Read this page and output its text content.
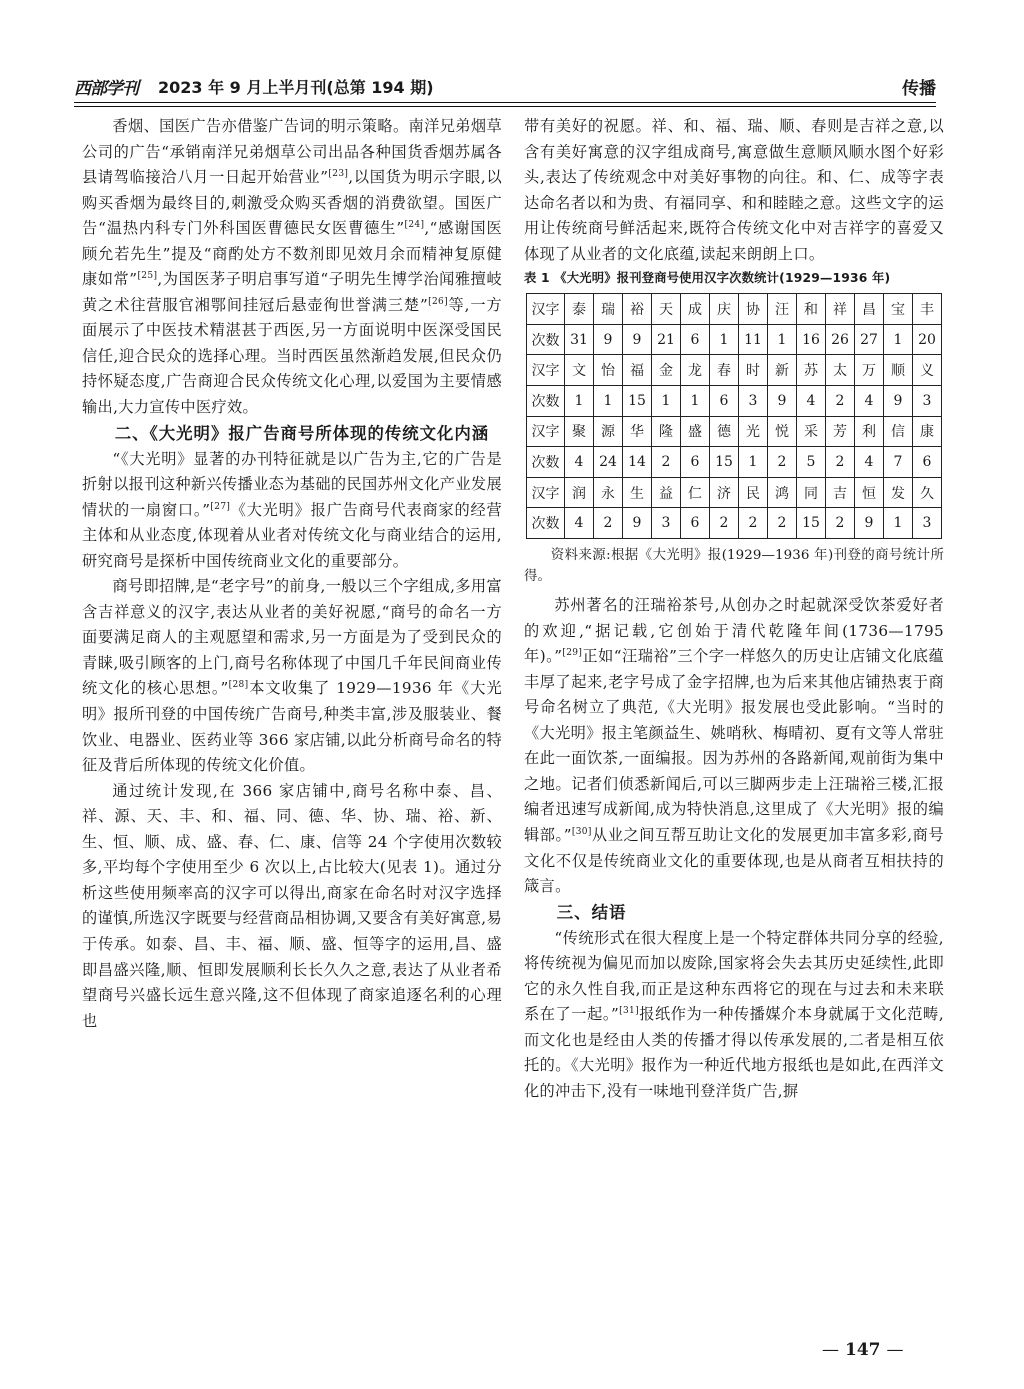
西部学刊 2023 年 9 月上半月刊(总第 194 期)	传播

香烟、国医广告亦借鉴广告词的明示策略。南洋兄弟烟草公司的广告“承销南洋兄弟烟草公司出品各种国货香烟苏属各县请驾临接洽八月一日起开始营业”[23],以国货为明示字眼,以购买香烟为最终目的,刺激受众购买香烟的消费欲望。国医广告“温热内科专门外科国医曹德民女医曹德生”[24],“感谢国医顾允若先生”提及“商酌处方不数剂即见效月余而精神复原健康如常”[25],为国医茅子明启事写道“子明先生博学治闻雅擅岐黄之术往营服官湘鄂间挂冠后悬壶徇世誉满三楚”[26]等,一方面展示了中医技术精湛甚于西医,另一方面说明中医深受国民信任,迎合民众的选择心理。当时西医虽然渐趋发展,但民众仍持怀疑态度,广告商迎合民众传统文化心理,以爱国为主要情感输出,大力宣传中医疗效。

二、《大光明》报广告商号所体现的传统文化内涵

“《大光明》显著的办刊特征就是以广告为主,它的广告是折射以报刊这种新兴传播业态为基础的民国苏州文化产业发展情状的一扇窗口。”[27]《大光明》报广告商号代表商家的经营主体和从业态度,体现着从业者对传统文化与商业结合的运用,研究商号是探析中国传统商业文化的重要部分。

商号即招牌,是“老字号”的前身,一般以三个字组成,多用富含吉祥意义的汉字,表达从业者的美好祝愿,“商号的命名一方面要满足商人的主观愿望和需求,另一方面是为了受到民众的青睐,吸引顾客的上门,商号名称体现了中国几千年民间商业传统文化的核心思想。”[28]本文收集了 1929—1936 年《大光明》报所刊登的中国传统广告商号,种类丰富,涉及服装业、餐饮业、电器业、医药业等 366 家店铺,以此分析商号命名的特征及背后所体现的传统文化价值。

通过统计发现,在 366 家店铺中,商号名称中泰、昌、祥、源、天、丰、和、福、同、德、华、协、瑞、裕、新、生、恒、顺、成、盛、春、仁、康、信等 24 个字使用次数较多,平均每个字使用至少 6 次以上,占比较大(见表 1)。通过分析这些使用频率高的汉字可以得出,商家在命名时对汉字选择的谨慎,所选汉字既要与经营商品相协调,又要含有美好寓意,易于传承。如泰、昌、丰、福、顺、盛、恒等字的运用,昌、盛即昌盛兴隆,顺、恒即发展顺利长长久久之意,表达了从业者希望商号兴盛长远生意兴隆,这不但体现了商家追逐名利的心理也

带有美好的祝愿。祥、和、福、瑞、顺、春则是吉祥之意,以含有美好寓意的汉字组成商号,寓意做生意顺风顺水图个好彩头,表达了传统观念中对美好事物的向往。和、仁、成等字表达命名者以和为贵、有福同享、和和睦睦之意。这些文字的运用让传统商号鲜活起来,既符合传统文化中对吉祥字的喜爱又体现了从业者的文化底蕴,读起来朗朗上口。

表 1 《大光明》报刊登商号使用汉字次数统计(1929—1936 年)
汉字	泰	瑞	裕	天	成	庆	协	汪	和	祥	昌	宝	丰
次数	31	9	9	21	6	1	11	1	16	26	27	1	20
汉字	文	怡	福	金	龙	春	时	新	苏	太	万	顺	义
次数	1	1	15	1	1	6	3	9	4	2	4	9	3
汉字	聚	源	华	隆	盛	德	光	悦	采	芳	利	信	康
次数	4	24	14	2	6	15	1	2	5	2	4	7	6
汉字	润	永	生	益	仁	济	民	鸿	同	吉	恒	发	久
次数	4	2	9	3	6	2	2	2	15	2	9	1	3
资料来源:根据《大光明》报(1929—1936 年)刊登的商号统计所得。

苏州著名的汪瑞裕茶号,从创办之时起就深受饮茶爱好者的欢迎,“据记载,它创始于清代乾隆年间(1736—1795 年)。”[29]正如“汪瑞裕”三个字一样悠久的历史让店铺文化底蕴丰厚了起来,老字号成了金字招牌,也为后来其他店铺热衷于商号命名树立了典范,《大光明》报发展也受此影响。“当时的《大光明》报主笔颜益生、姚哨秋、梅晴初、夏有文等人常驻在此一面饮茶,一面编报。因为苏州的各路新闻,观前街为集中之地。记者们侦悉新闻后,可以三脚两步走上汪瑞裕三楼,汇报编者迅速写成新闻,成为特快消息,这里成了《大光明》报的编辑部。”[30]从业之间互帮互助让文化的发展更加丰富多彩,商号文化不仅是传统商业文化的重要体现,也是从商者互相扶持的箴言。

三、结语

“传统形式在很大程度上是一个特定群体共同分享的经验,将传统视为偏见而加以废除,国家将会失去其历史延续性,此即它的永久性自我,而正是这种东西将它的现在与过去和未来联系在了一起。”[31]报纸作为一种传播媒介本身就属于文化范畴,而文化也是经由人类的传播才得以传承发展的,二者是相互依托的。《大光明》报作为一种近代地方报纸也是如此,在西洋文化的冲击下,没有一味地刊登洋货广告,摒

— 147 —
